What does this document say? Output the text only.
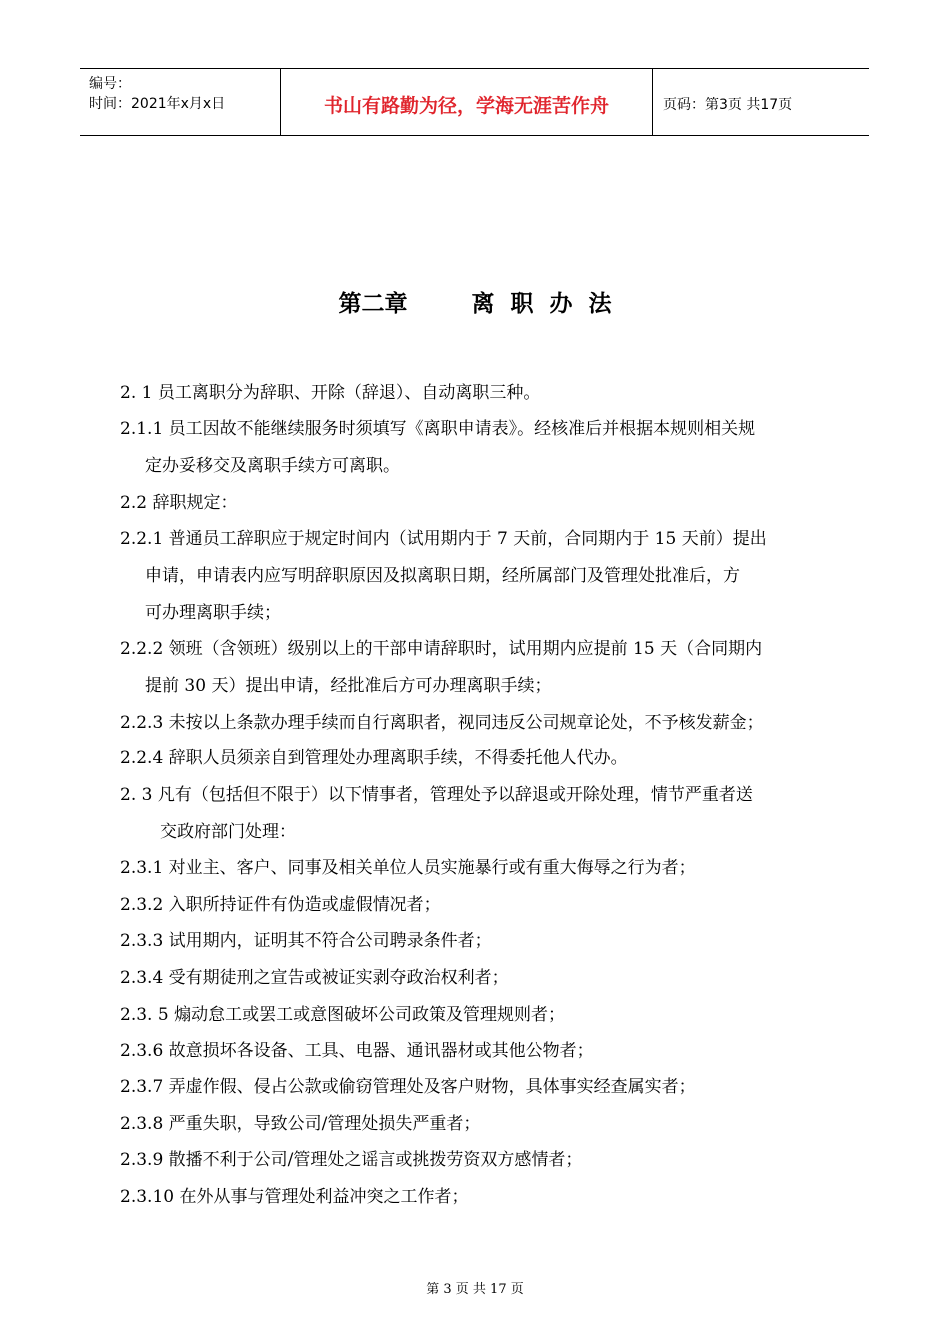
编号：
时间：2021年x月x日	书山有路勤为径，学海无涯苦作舟	页码：第3页 共17页
第二章        离  职  办  法
2. 1 员工离职分为辞职、开除（辞退）、自动离职三种。
2.1.1 员工因故不能继续服务时须填写《离职申请表》。经核准后并根据本规则相关规
定办妥移交及离职手续方可离职。
2.2 辞职规定：
2.2.1 普通员工辞职应于规定时间内（试用期内于 7 天前，合同期内于 15 天前）提出
申请，申请表内应写明辞职原因及拟离职日期，经所属部门及管理处批准后，方
可办理离职手续；
2.2.2 领班（含领班）级别以上的干部申请辞职时，试用期内应提前 15 天（合同期内
提前 30 天）提出申请，经批准后方可办理离职手续；
2.2.3 未按以上条款办理手续而自行离职者，视同违反公司规章论处，不予核发薪金；
2.2.4 辞职人员须亲自到管理处办理离职手续，不得委托他人代办。
2. 3 凡有（包括但不限于）以下情事者，管理处予以辞退或开除处理，情节严重者送
交政府部门处理：
2.3.1 对业主、客户、同事及相关单位人员实施暴行或有重大侮辱之行为者；
2.3.2 入职所持证件有伪造或虚假情况者；
2.3.3 试用期内，证明其不符合公司聘录条件者；
2.3.4 受有期徒刑之宣告或被证实剥夺政治权利者；
2.3. 5 煽动怠工或罢工或意图破坏公司政策及管理规则者；
2.3.6 故意损坏各设备、工具、电器、通讯器材或其他公物者；
2.3.7 弄虚作假、侵占公款或偷窃管理处及客户财物，具体事实经查属实者；
2.3.8 严重失职，导致公司/管理处损失严重者；
2.3.9 散播不利于公司/管理处之谣言或挑拨劳资双方感情者；
2.3.10 在外从事与管理处利益冲突之工作者；
第 3 页 共 17 页
